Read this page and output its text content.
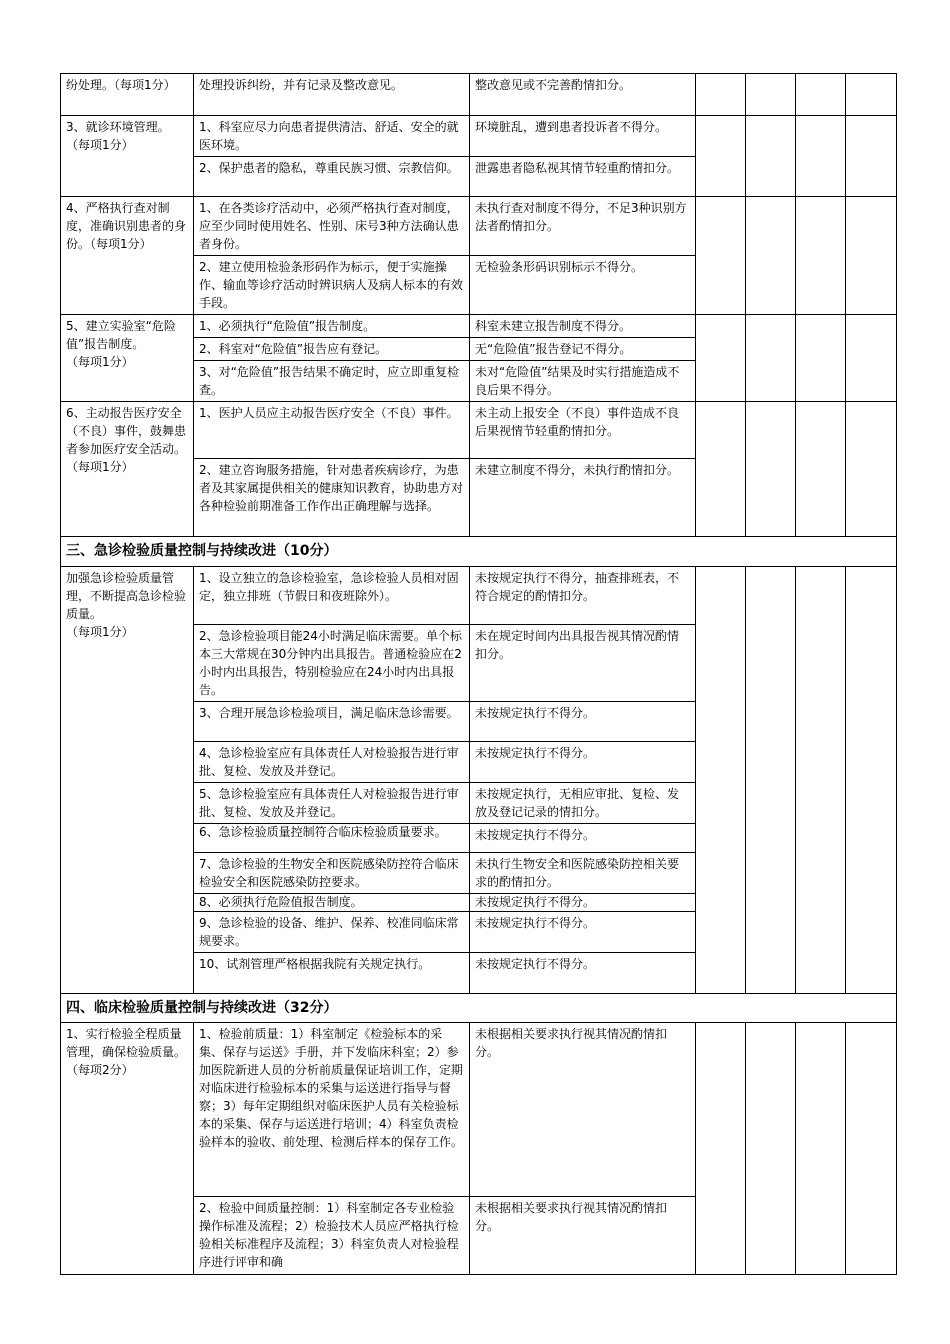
纷处理。（每项1分）	处理投诉纠纷，并有记录及整改意见。	整改意见或不完善酌情扣分。				
3、就诊环境管理。
（每项1分）	1、科室应尽力向患者提供清洁、舒适、安全的就医环境。	环境脏乱，遭到患者投诉者不得分。				
	2、保护患者的隐私，尊重民族习惯、宗教信仰。	泄露患者隐私视其情节轻重酌情扣分。				
4、严格执行查对制度，准确识别患者的身份。（每项1分）	1、在各类诊疗活动中，必须严格执行查对制度，应至少同时使用姓名、性别、床号3种方法确认患者身份。	未执行查对制度不得分，不足3种识别方法者酌情扣分。				
	2、建立使用检验条形码作为标示，便于实施操作、输血等诊疗活动时辨识病人及病人标本的有效手段。	无检验条形码识别标示不得分。				
5、建立实验室“危险值”报告制度。
（每项1分）	1、必须执行“危险值”报告制度。	科室未建立报告制度不得分。				
	2、科室对“危险值”报告应有登记。	无“危险值”报告登记不得分。				
	3、对“危险值”报告结果不确定时，应立即重复检查。	未对“危险值”结果及时实行措施造成不良后果不得分。				
6、主动报告医疗安全（不良）事件，鼓舞患者参加医疗安全活动。
（每项1分）	1、医护人员应主动报告医疗安全（不良）事件。	未主动上报安全（不良）事件造成不良后果视情节轻重酌情扣分。				
	2、建立咨询服务措施，针对患者疾病诊疗，为患者及其家属提供相关的健康知识教育，协助患方对各种检验前期准备工作作出正确理解与选择。	未建立制度不得分，未执行酌情扣分。				
三、急诊检验质量控制与持续改进（10分）						
加强急诊检验质量管理，不断提高急诊检验质量。
（每项1分）	1、设立独立的急诊检验室，急诊检验人员相对固定，独立排班（节假日和夜班除外）。	未按规定执行不得分，抽查排班表，不符合规定的酌情扣分。				
	2、急诊检验项目能24小时满足临床需要。单个标本三大常规在30分钟内出具报告。普通检验应在2小时内出具报告，特别检验应在24小时内出具报告。	未在规定时间内出具报告视其情况酌情扣分。				
	3、合理开展急诊检验项目，满足临床急诊需要。	未按规定执行不得分。				
	4、急诊检验室应有具体责任人对检验报告进行审批、复检、发放及并登记。	未按规定执行不得分。				
	5、急诊检验室应有具体责任人对检验报告进行审批、复检、发放及并登记。	未按规定执行，无相应审批、复检、发放及登记记录的情扣分。				
	6、急诊检验质量控制符合临床检验质量要求。	未按规定执行不得分。				
	7、急诊检验的生物安全和医院感染防控符合临床检验安全和医院感染防控要求。	未执行生物安全和医院感染防控相关要求的酌情扣分。				
	8、必须执行危险值报告制度。	未按规定执行不得分。				
	9、急诊检验的设备、维护、保养、校准同临床常规要求。	未按规定执行不得分。				
	10、试剂管理严格根据我院有关规定执行。	未按规定执行不得分。				
四、临床检验质量控制与持续改进（32分）						
1、实行检验全程质量管理，确保检验质量。（每项2分）	1、检验前质量：1）科室制定《检验标本的采集、保存与运送》手册，并下发临床科室；2）参加医院新进人员的分析前质量保证培训工作，定期对临床进行检验标本的采集与运送进行指导与督察；3）每年定期组织对临床医护人员有关检验标本的采集、保存与运送进行培训；4）科室负责检验样本的验收、前处理、检测后样本的保存工作。	未根据相关要求执行视其情况酌情扣分。				
	2、检验中间质量控制：1）科室制定各专业检验操作标准及流程；2）检验技术人员应严格执行检验相关标准程序及流程；3）科室负责人对检验程序进行评审和确	未根据相关要求执行视其情况酌情扣分。				
